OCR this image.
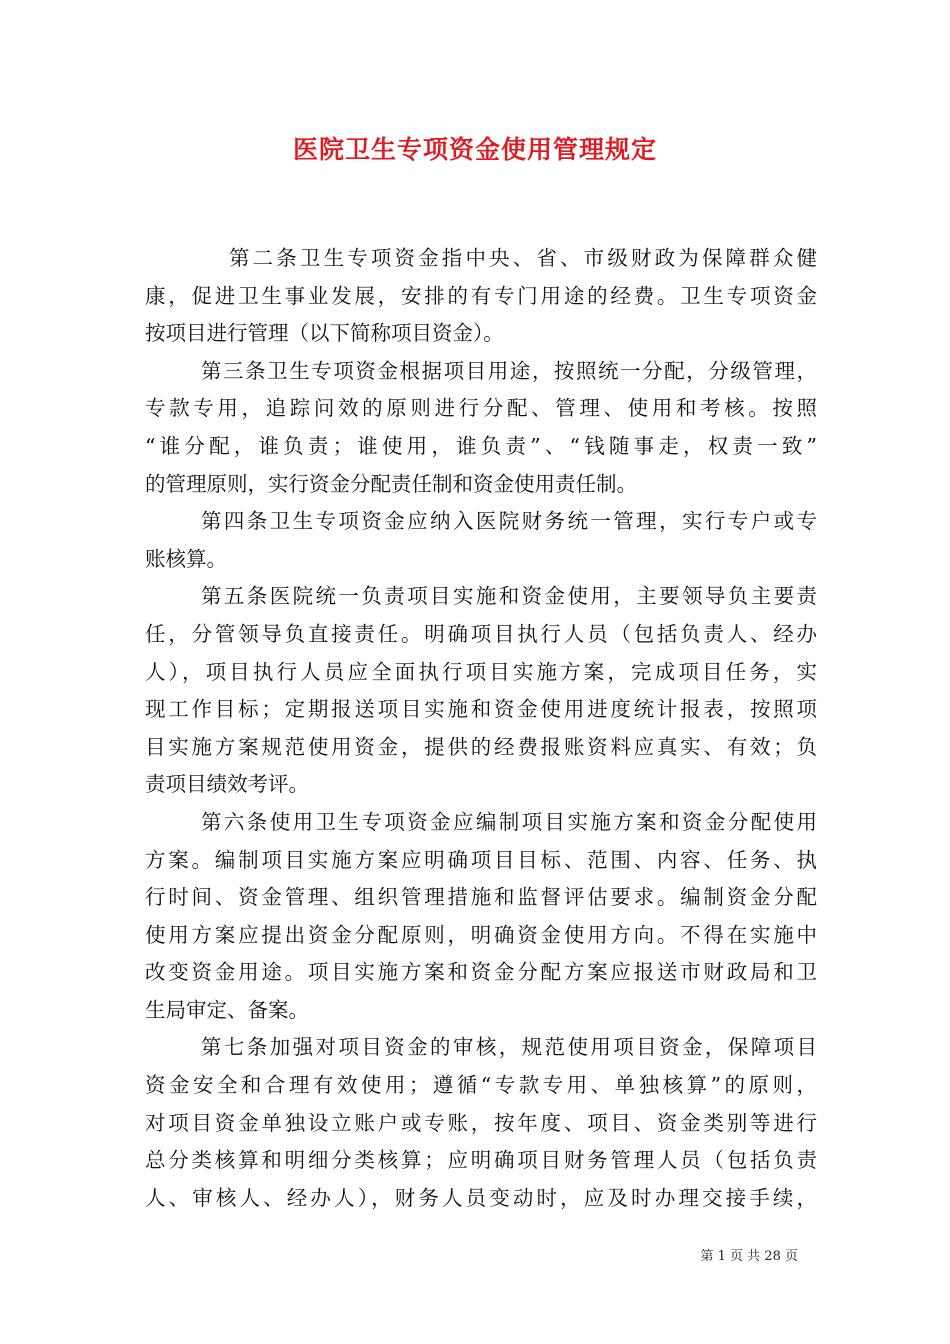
医院卫生专项资金使用管理规定
第二条卫生专项资金指中央、省、市级财政为保障群众健
康，促进卫生事业发展，安排的有专门用途的经费。卫生专项资金
按项目进行管理（以下简称项目资金）。
第三条卫生专项资金根据项目用途，按照统一分配，分级管理，
专款专用，追踪问效的原则进行分配、管理、使用和考核。按照
“谁分配，谁负责；谁使用，谁负责”、“钱随事走，权责一致”
的管理原则，实行资金分配责任制和资金使用责任制。
第四条卫生专项资金应纳入医院财务统一管理，实行专户或专
账核算。
第五条医院统一负责项目实施和资金使用，主要领导负主要责
任，分管领导负直接责任。明确项目执行人员（包括负责人、经办
人），项目执行人员应全面执行项目实施方案，完成项目任务，实
现工作目标；定期报送项目实施和资金使用进度统计报表，按照项
目实施方案规范使用资金，提供的经费报账资料应真实、有效；负
责项目绩效考评。
第六条使用卫生专项资金应编制项目实施方案和资金分配使用
方案。编制项目实施方案应明确项目目标、范围、内容、任务、执
行时间、资金管理、组织管理措施和监督评估要求。编制资金分配
使用方案应提出资金分配原则，明确资金使用方向。不得在实施中
改变资金用途。项目实施方案和资金分配方案应报送市财政局和卫
生局审定、备案。
第七条加强对项目资金的审核，规范使用项目资金，保障项目
资金安全和合理有效使用；遵循“专款专用、单独核算”的原则，
对项目资金单独设立账户或专账，按年度、项目、资金类别等进行
总分类核算和明细分类核算；应明确项目财务管理人员（包括负责
人、审核人、经办人），财务人员变动时，应及时办理交接手续，
第 1 页 共 28 页
